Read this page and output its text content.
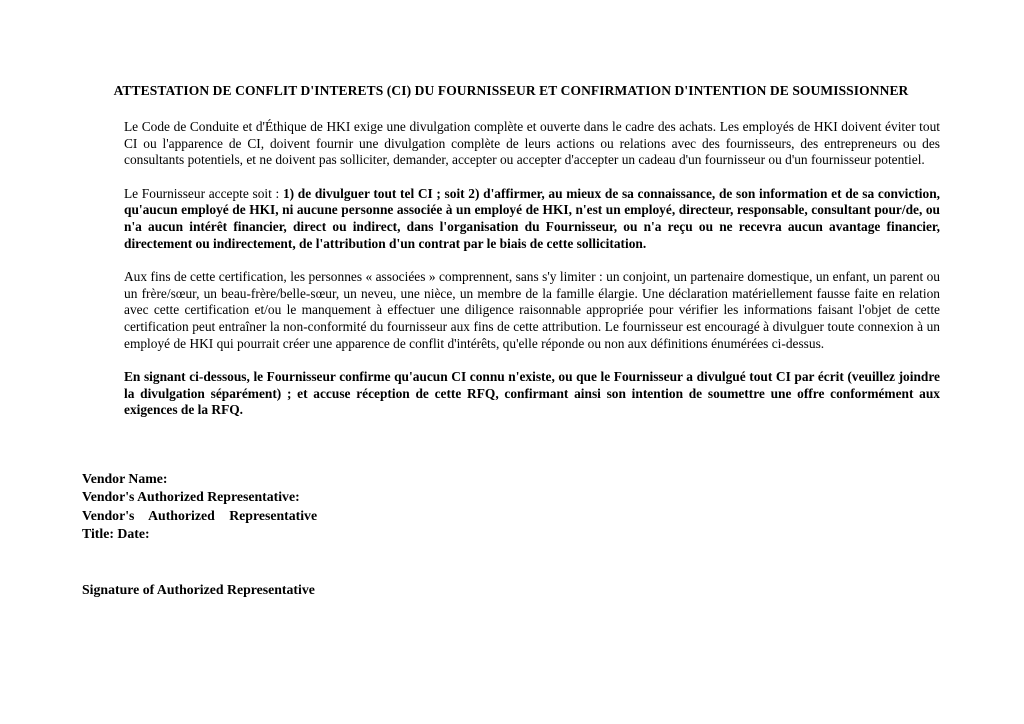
ATTESTATION DE CONFLIT D'INTERETS (CI) DU FOURNISSEUR ET CONFIRMATION D'INTENTION DE SOUMISSIONNER

Le Code de Conduite et d'Éthique de HKI exige une divulgation complète et ouverte dans le cadre des achats. Les employés de HKI doivent éviter tout CI ou l'apparence de CI, doivent fournir une divulgation complète de leurs actions ou relations avec des fournisseurs, des entrepreneurs ou des consultants potentiels, et ne doivent pas solliciter, demander, accepter ou accepter d'accepter un cadeau d'un fournisseur ou d'un fournisseur potentiel.

Le Fournisseur accepte soit : 1) de divulguer tout tel CI ; soit 2) d'affirmer, au mieux de sa connaissance, de son information et de sa conviction, qu'aucun employé de HKI, ni aucune personne associée à un employé de HKI, n'est un employé, directeur, responsable, consultant pour/de, ou n'a aucun intérêt financier, direct ou indirect, dans l'organisation du Fournisseur, ou n'a reçu ou ne recevra aucun avantage financier, directement ou indirectement, de l'attribution d'un contrat par le biais de cette sollicitation.

Aux fins de cette certification, les personnes « associées » comprennent, sans s'y limiter : un conjoint, un partenaire domestique, un enfant, un parent ou un frère/sœur, un beau-frère/belle-sœur, un neveu, une nièce, un membre de la famille élargie. Une déclaration matériellement fausse faite en relation avec cette certification et/ou le manquement à effectuer une diligence raisonnable appropriée pour vérifier les informations faisant l'objet de cette certification peut entraîner la non-conformité du fournisseur aux fins de cette attribution. Le fournisseur est encouragé à divulguer toute connexion à un employé de HKI qui pourrait créer une apparence de conflit d'intérêts, qu'elle réponde ou non aux définitions énumérées ci-dessus.

En signant ci-dessous, le Fournisseur confirme qu'aucun CI connu n'existe, ou que le Fournisseur a divulgué tout CI par écrit (veuillez joindre la divulgation séparément) ; et accuse réception de cette RFQ, confirmant ainsi son intention de soumettre une offre conformément aux exigences de la RFQ.

Vendor Name:
Vendor's Authorized Representative:
Vendor's Authorized Representative
Title: Date:
Signature of Authorized Representative
